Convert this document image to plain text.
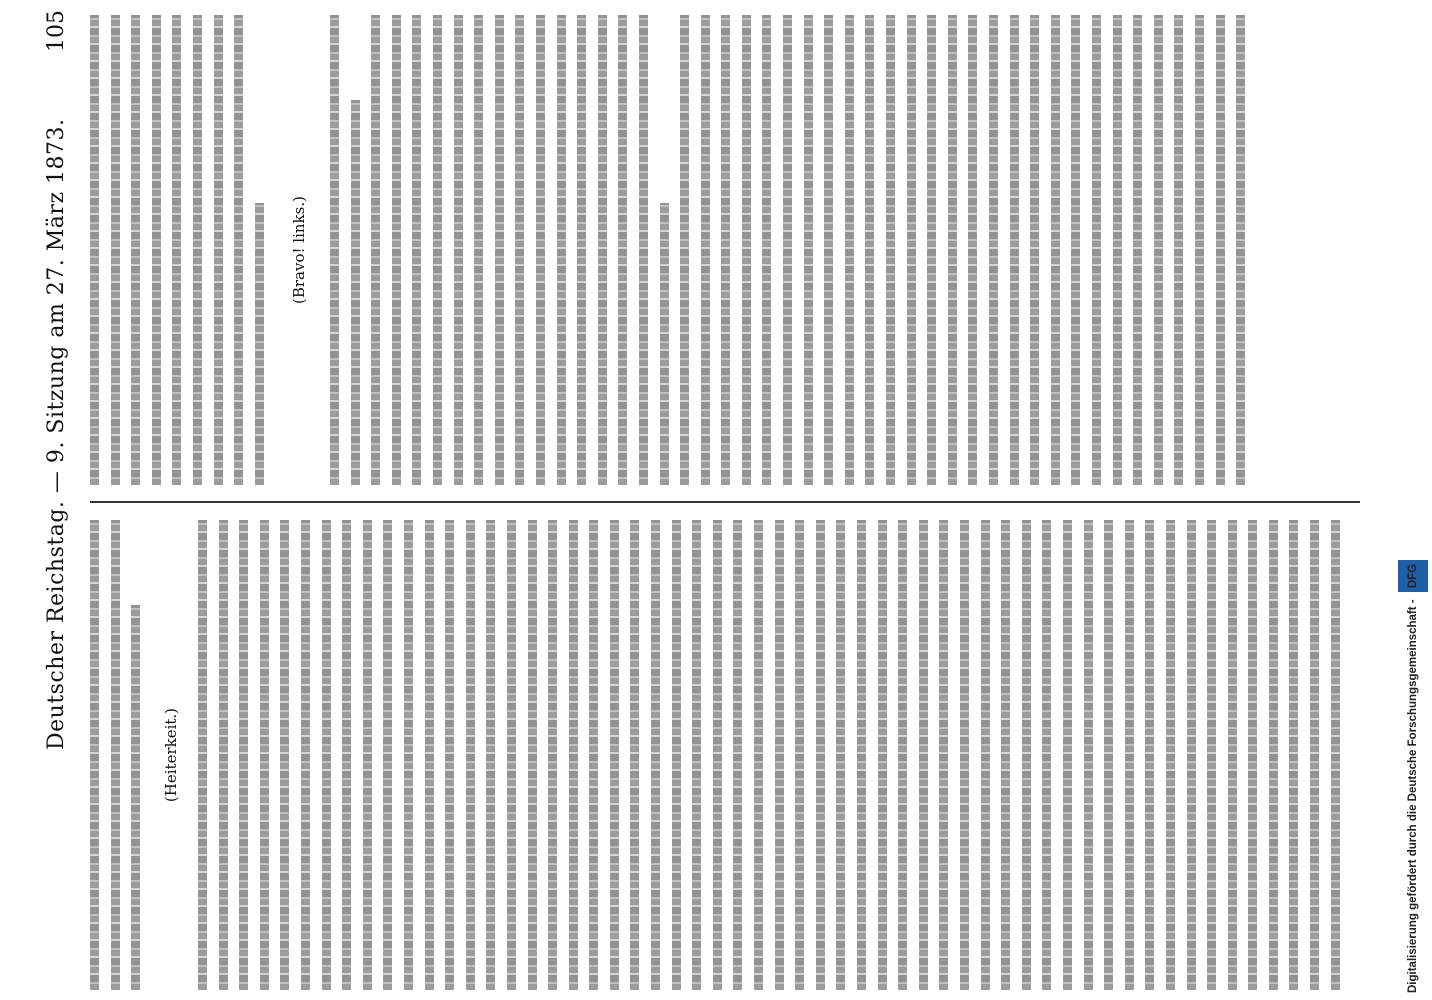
Deutscher Reichstag. — 9. Sitzung am 27. März 1873.
105
(Heiterkeit.)
(Bravo! links.)
Digitalisierung gefördert durch die Deutsche Forschungsgemeinschaft - DFG
